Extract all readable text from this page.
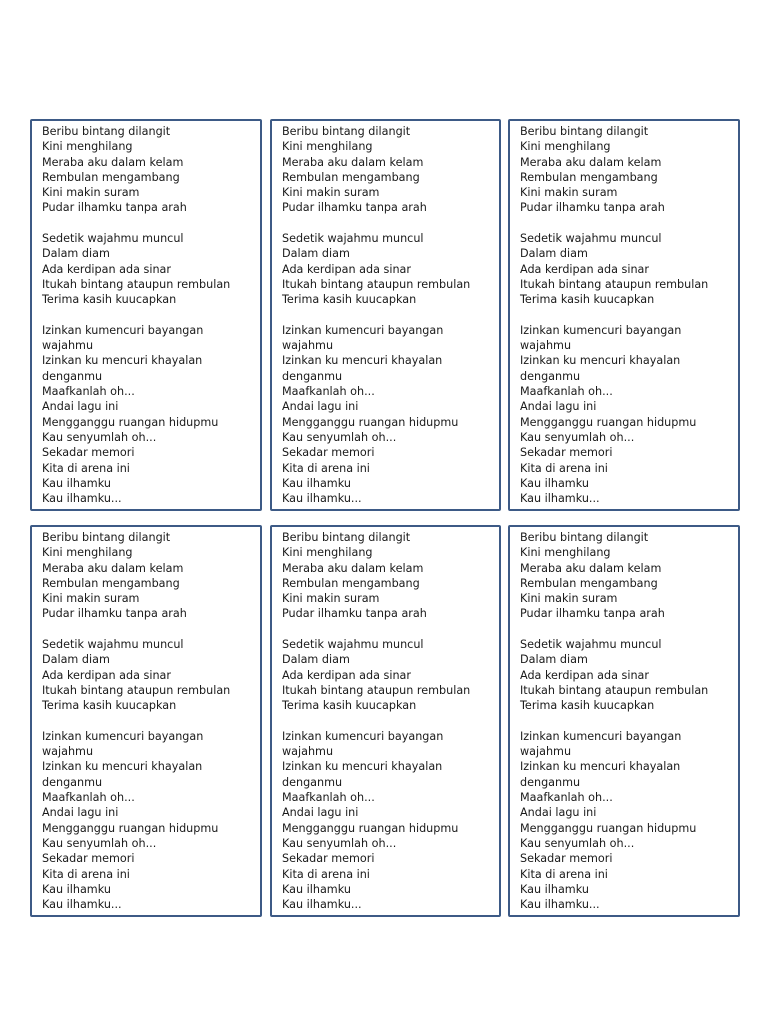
Beribu bintang dilangit
Kini menghilang
Meraba aku dalam kelam
Rembulan mengambang
Kini makin suram
Pudar ilhamku tanpa arah
Sedetik wajahmu muncul
Dalam diam
Ada kerdipan ada sinar
Itukah bintang ataupun rembulan
Terima kasih kuucapkan
Izinkan kumencuri bayangan
wajahmu
Izinkan ku mencuri khayalan
denganmu
Maafkanlah oh...
Andai lagu ini
Mengganggu ruangan hidupmu
Kau senyumlah oh...
Sekadar memori
Kita di arena ini
Kau ilhamku
Kau ilhamku...
Beribu bintang dilangit
Kini menghilang
Meraba aku dalam kelam
Rembulan mengambang
Kini makin suram
Pudar ilhamku tanpa arah
Sedetik wajahmu muncul
Dalam diam
Ada kerdipan ada sinar
Itukah bintang ataupun rembulan
Terima kasih kuucapkan
Izinkan kumencuri bayangan
wajahmu
Izinkan ku mencuri khayalan
denganmu
Maafkanlah oh...
Andai lagu ini
Mengganggu ruangan hidupmu
Kau senyumlah oh...
Sekadar memori
Kita di arena ini
Kau ilhamku
Kau ilhamku...
Beribu bintang dilangit
Kini menghilang
Meraba aku dalam kelam
Rembulan mengambang
Kini makin suram
Pudar ilhamku tanpa arah
Sedetik wajahmu muncul
Dalam diam
Ada kerdipan ada sinar
Itukah bintang ataupun rembulan
Terima kasih kuucapkan
Izinkan kumencuri bayangan
wajahmu
Izinkan ku mencuri khayalan
denganmu
Maafkanlah oh...
Andai lagu ini
Mengganggu ruangan hidupmu
Kau senyumlah oh...
Sekadar memori
Kita di arena ini
Kau ilhamku
Kau ilhamku...
Beribu bintang dilangit
Kini menghilang
Meraba aku dalam kelam
Rembulan mengambang
Kini makin suram
Pudar ilhamku tanpa arah
Sedetik wajahmu muncul
Dalam diam
Ada kerdipan ada sinar
Itukah bintang ataupun rembulan
Terima kasih kuucapkan
Izinkan kumencuri bayangan
wajahmu
Izinkan ku mencuri khayalan
denganmu
Maafkanlah oh...
Andai lagu ini
Mengganggu ruangan hidupmu
Kau senyumlah oh...
Sekadar memori
Kita di arena ini
Kau ilhamku
Kau ilhamku...
Beribu bintang dilangit
Kini menghilang
Meraba aku dalam kelam
Rembulan mengambang
Kini makin suram
Pudar ilhamku tanpa arah
Sedetik wajahmu muncul
Dalam diam
Ada kerdipan ada sinar
Itukah bintang ataupun rembulan
Terima kasih kuucapkan
Izinkan kumencuri bayangan
wajahmu
Izinkan ku mencuri khayalan
denganmu
Maafkanlah oh...
Andai lagu ini
Mengganggu ruangan hidupmu
Kau senyumlah oh...
Sekadar memori
Kita di arena ini
Kau ilhamku
Kau ilhamku...
Beribu bintang dilangit
Kini menghilang
Meraba aku dalam kelam
Rembulan mengambang
Kini makin suram
Pudar ilhamku tanpa arah
Sedetik wajahmu muncul
Dalam diam
Ada kerdipan ada sinar
Itukah bintang ataupun rembulan
Terima kasih kuucapkan
Izinkan kumencuri bayangan
wajahmu
Izinkan ku mencuri khayalan
denganmu
Maafkanlah oh...
Andai lagu ini
Mengganggu ruangan hidupmu
Kau senyumlah oh...
Sekadar memori
Kita di arena ini
Kau ilhamku
Kau ilhamku...
